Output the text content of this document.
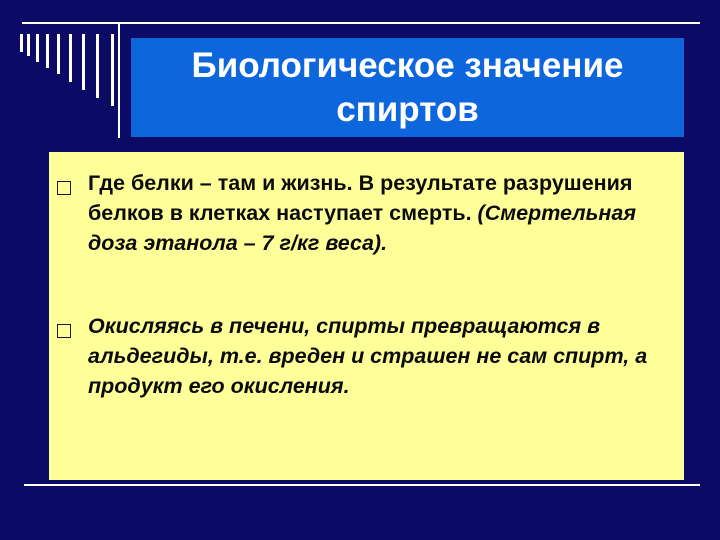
Биологическое значение
спиртов
Где белки – там и жизнь. В результате разрушения белков в клетках наступает смерть. (Смертельная доза этанола – 7 г/кг веса).
Окисляясь в печени, спирты превращаются в альдегиды, т.е. вреден и страшен не сам спирт, а продукт его окисления.
